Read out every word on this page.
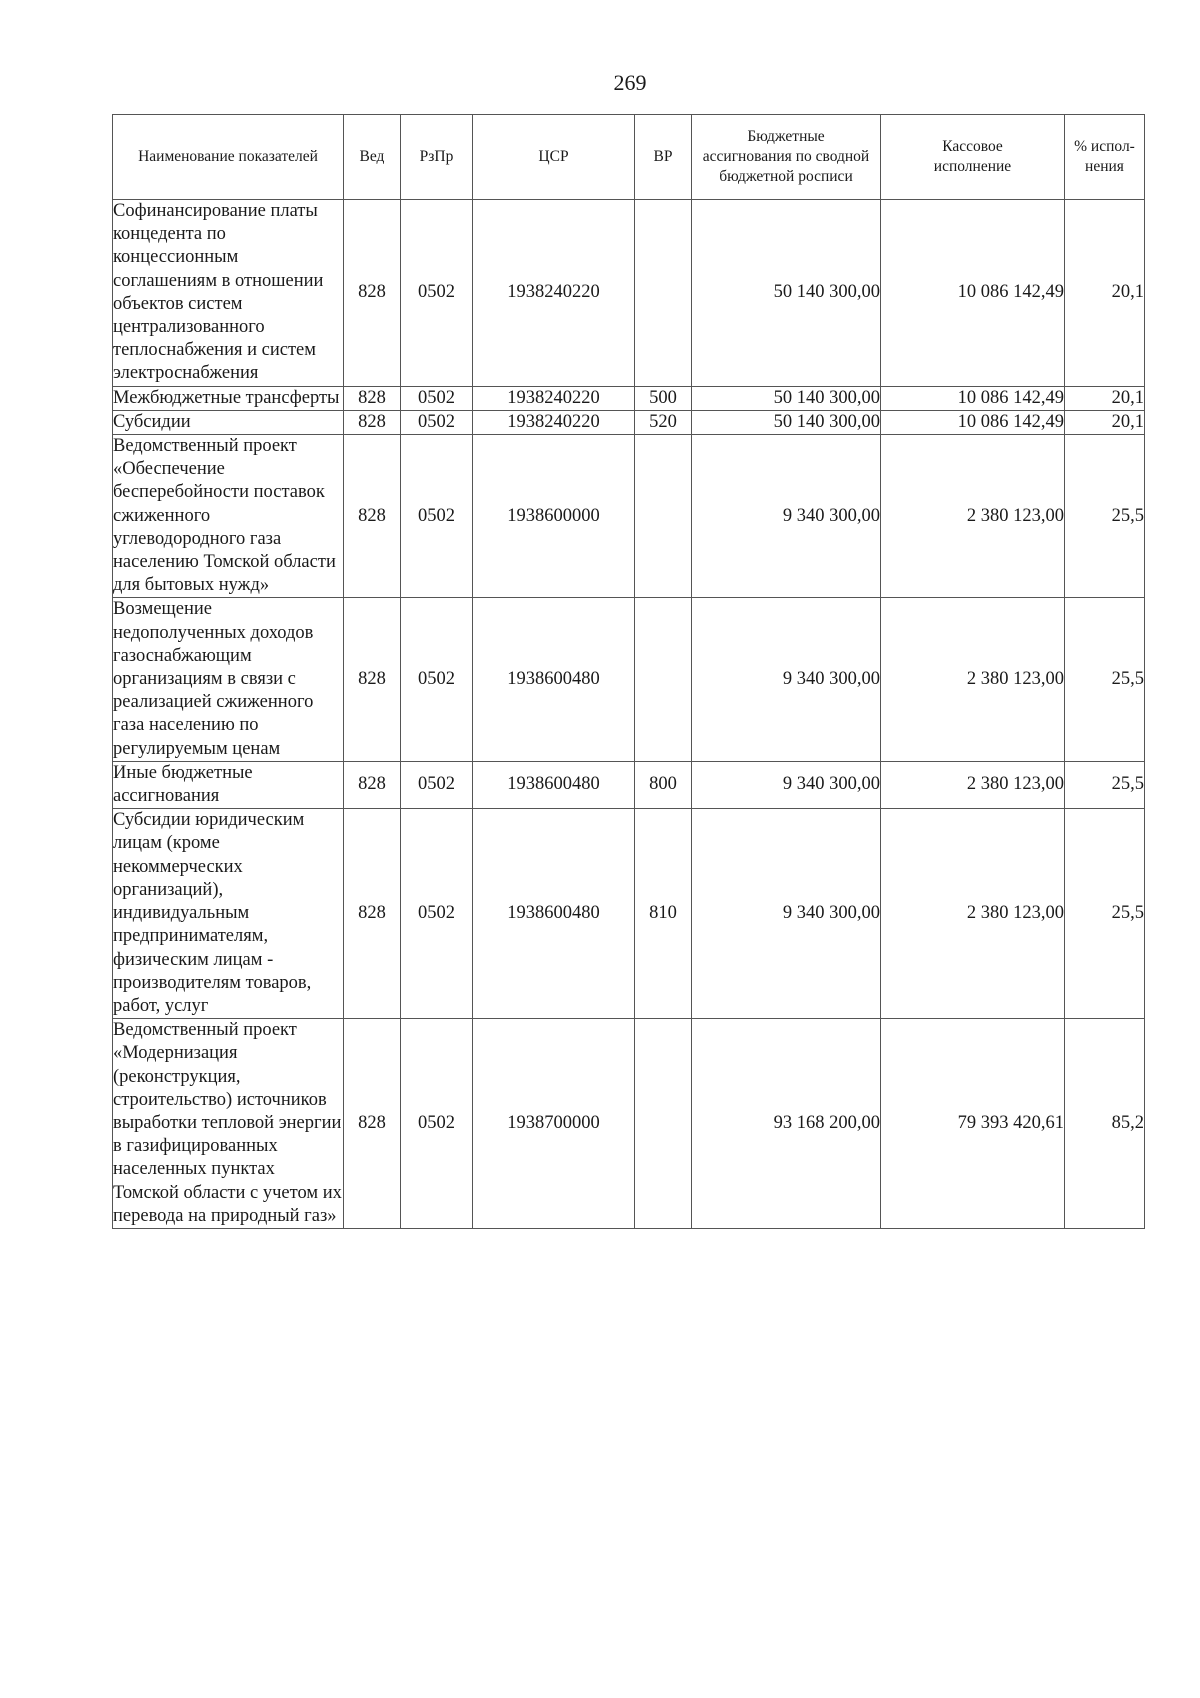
269
Наименование показателей	Вед	РзПр	ЦСР	ВР	Бюджетные ассигнования по сводной бюджетной росписи	Кассовое исполнение	% испол-нения
Софинансирование платы концедента по концессионным соглашениям в отношении объектов систем централизованного теплоснабжения и систем электроснабжения	828	0502	1938240220		50 140 300,00	10 086 142,49	20,1
Межбюджетные трансферты	828	0502	1938240220	500	50 140 300,00	10 086 142,49	20,1
Субсидии	828	0502	1938240220	520	50 140 300,00	10 086 142,49	20,1
Ведомственный проект «Обеспечение бесперебойности поставок сжиженного углеводородного газа населению Томской области для бытовых нужд»	828	0502	1938600000		9 340 300,00	2 380 123,00	25,5
Возмещение недополученных доходов газоснабжающим организациям в связи с реализацией сжиженного газа населению по регулируемым ценам	828	0502	1938600480		9 340 300,00	2 380 123,00	25,5
Иные бюджетные ассигнования	828	0502	1938600480	800	9 340 300,00	2 380 123,00	25,5
Субсидии юридическим лицам (кроме некоммерческих организаций), индивидуальным предпринимателям, физическим лицам - производителям товаров, работ, услуг	828	0502	1938600480	810	9 340 300,00	2 380 123,00	25,5
Ведомственный проект «Модернизация (реконструкция, строительство) источников выработки тепловой энергии в газифицированных населенных пунктах Томской области с учетом их перевода на природный газ»	828	0502	1938700000		93 168 200,00	79 393 420,61	85,2
